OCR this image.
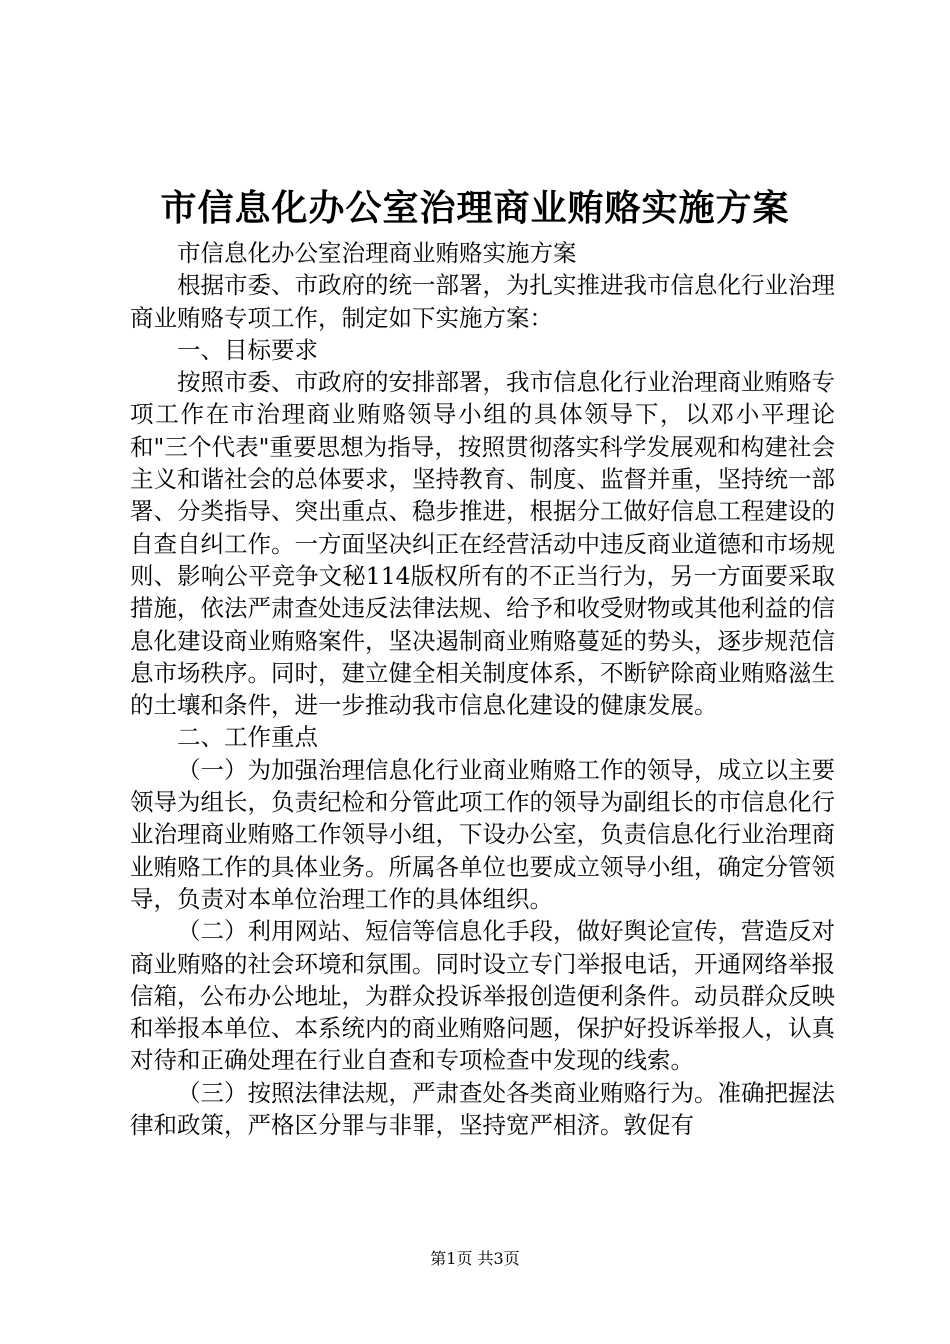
市信息化办公室治理商业贿赂实施方案

市信息化办公室治理商业贿赂实施方案

根据市委、市政府的统一部署，为扎实推进我市信息化行业治理商业贿赂专项工作，制定如下实施方案：

一、目标要求

按照市委、市政府的安排部署，我市信息化行业治理商业贿赂专项工作在市治理商业贿赂领导小组的具体领导下，以邓小平理论和"三个代表"重要思想为指导，按照贯彻落实科学发展观和构建社会主义和谐社会的总体要求，坚持教育、制度、监督并重，坚持统一部署、分类指导、突出重点、稳步推进，根据分工做好信息工程建设的自查自纠工作。一方面坚决纠正在经营活动中违反商业道德和市场规则、影响公平竞争文秘114版权所有的不正当行为，另一方面要采取措施，依法严肃查处违反法律法规、给予和收受财物或其他利益的信息化建设商业贿赂案件，坚决遏制商业贿赂蔓延的势头，逐步规范信息市场秩序。同时，建立健全相关制度体系，不断铲除商业贿赂滋生的土壤和条件，进一步推动我市信息化建设的健康发展。

二、工作重点

（一）为加强治理信息化行业商业贿赂工作的领导，成立以主要领导为组长，负责纪检和分管此项工作的领导为副组长的市信息化行业治理商业贿赂工作领导小组，下设办公室，负责信息化行业治理商业贿赂工作的具体业务。所属各单位也要成立领导小组，确定分管领导，负责对本单位治理工作的具体组织。

（二）利用网站、短信等信息化手段，做好舆论宣传，营造反对商业贿赂的社会环境和氛围。同时设立专门举报电话，开通网络举报信箱，公布办公地址，为群众投诉举报创造便利条件。动员群众反映和举报本单位、本系统内的商业贿赂问题，保护好投诉举报人，认真对待和正确处理在行业自查和专项检查中发现的线索。

（三）按照法律法规，严肃查处各类商业贿赂行为。准确把握法律和政策，严格区分罪与非罪，坚持宽严相济。敦促有

第1页 共3页
